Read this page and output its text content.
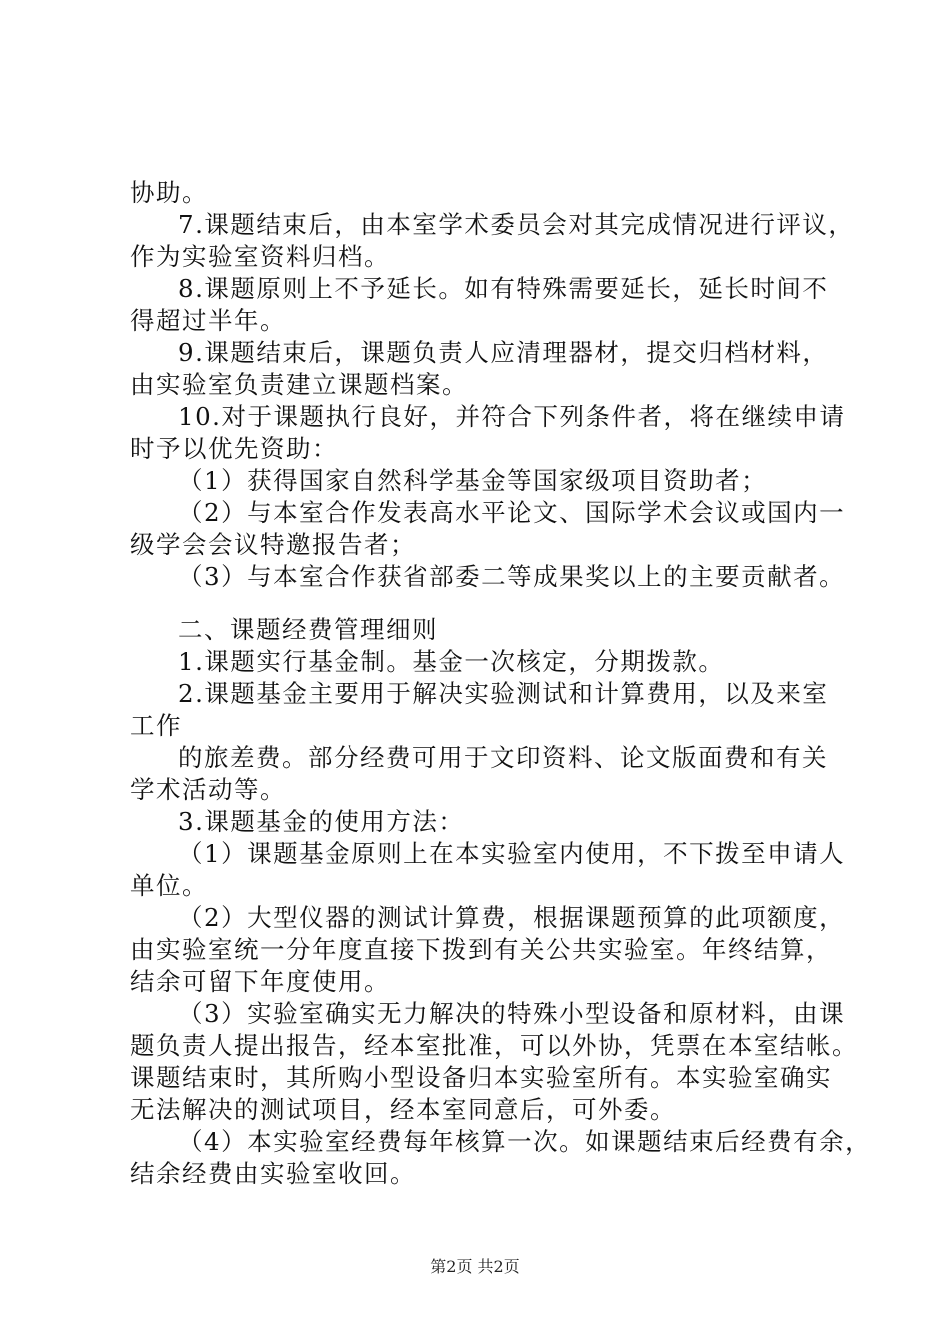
协助。
7.课题结束后，由本室学术委员会对其完成情况进行评议，
作为实验室资料归档。
8.课题原则上不予延长。如有特殊需要延长，延长时间不
得超过半年。
9.课题结束后，课题负责人应清理器材，提交归档材料，
由实验室负责建立课题档案。
10.对于课题执行良好，并符合下列条件者，将在继续申请
时予以优先资助：
（1）获得国家自然科学基金等国家级项目资助者；
（2）与本室合作发表高水平论文、国际学术会议或国内一
级学会会议特邀报告者；
（3）与本室合作获省部委二等成果奖以上的主要贡献者。
二、课题经费管理细则
1.课题实行基金制。基金一次核定，分期拨款。
2.课题基金主要用于解决实验测试和计算费用，以及来室
工作
的旅差费。部分经费可用于文印资料、论文版面费和有关
学术活动等。
3.课题基金的使用方法：
（1）课题基金原则上在本实验室内使用，不下拨至申请人
单位。
（2）大型仪器的测试计算费，根据课题预算的此项额度，
由实验室统一分年度直接下拨到有关公共实验室。年终结算，
结余可留下年度使用。
（3）实验室确实无力解决的特殊小型设备和原材料，由课
题负责人提出报告，经本室批准，可以外协，凭票在本室结帐。
课题结束时，其所购小型设备归本实验室所有。本实验室确实
无法解决的测试项目，经本室同意后，可外委。
（4）本实验室经费每年核算一次。如课题结束后经费有余，
结余经费由实验室收回。
第2页 共2页
